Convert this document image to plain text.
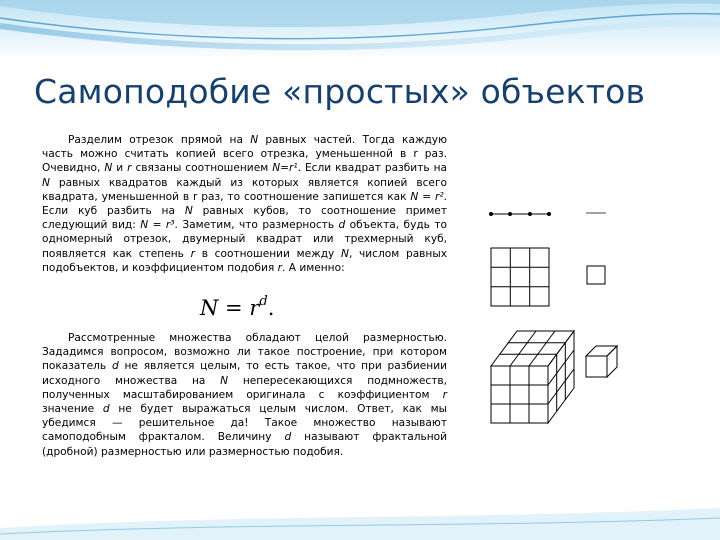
Самоподобие «простых» объектов

Разделим отрезок прямой на N равных частей. Тогда каждую часть можно считать копией всего отрезка, уменьшенной в r раз. Очевидно, N и r связаны соотношением N=r¹. Если квадрат разбить на N равных квадратов каждый из которых является копией всего квадрата, уменьшенной в r раз, то соотношение запишется как N = r². Если куб разбить на N равных кубов, то соотношение примет следующий вид: N = r³. Заметим, что размерность d объекта, будь то одномерный отрезок, двумерный квадрат или трехмерный куб, появляется как степень r в соотношении между N, числом равных подобъектов, и коэффициентом подобия r. А именно:

$N = r^d$.

Рассмотренные множества обладают целой размерностью. Зададимся вопросом, возможно ли такое построение, при котором показатель d не является целым, то есть такое, что при разбиении исходного множества на N непересекающихся подмножеств, полученных масштабированием оригинала с коэффициентом r значение d не будет выражаться целым числом. Ответ, как мы убедимся — решительное да! Такое множество называют самоподобным фракталом. Величину d называют фрактальной (дробной) размерностью или размерностью подобия.
